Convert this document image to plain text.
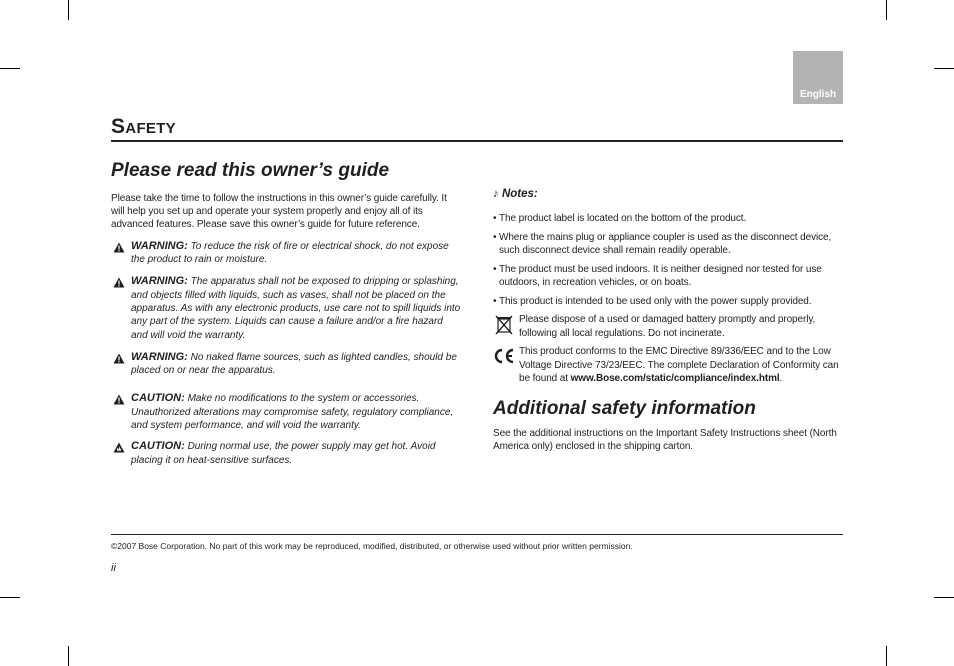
English
Safety
Please read this owner’s guide

Please take the time to follow the instructions in this owner’s guide carefully. It will help you set up and operate your system properly and enjoy all of its advanced features. Please save this owner’s guide for future reference.

WARNING: To reduce the risk of fire or electrical shock, do not expose the product to rain or moisture.
WARNING: The apparatus shall not be exposed to dripping or splashing, and objects filled with liquids, such as vases, shall not be placed on the apparatus. As with any electronic products, use care not to spill liquids into any part of the system. Liquids can cause a failure and/or a fire hazard and will void the warranty.
WARNING: No naked flame sources, such as lighted candles, should be placed on or near the apparatus.
CAUTION: Make no modifications to the system or accessories. Unauthorized alterations may compromise safety, regulatory compliance, and system performance, and will void the warranty.
CAUTION: During normal use, the power supply may get hot. Avoid placing it on heat-sensitive surfaces.

♪ Notes:

• The product label is located on the bottom of the product.
• Where the mains plug or appliance coupler is used as the disconnect device, such disconnect device shall remain readily operable.
• The product must be used indoors. It is neither designed nor tested for use outdoors, in recreation vehicles, or on boats.
• This product is intended to be used only with the power supply provided.
Please dispose of a used or damaged battery promptly and properly, following all local regulations. Do not incinerate.
This product conforms to the EMC Directive 89/336/EEC and to the Low Voltage Directive 73/23/EEC. The complete Declaration of Conformity can be found at www.Bose.com/static/compliance/index.html.
Additional safety information

See the additional instructions on the Important Safety Instructions sheet (North America only) enclosed in the shipping carton.

©2007 Bose Corporation. No part of this work may be reproduced, modified, distributed, or otherwise used without prior written permission.
ii
